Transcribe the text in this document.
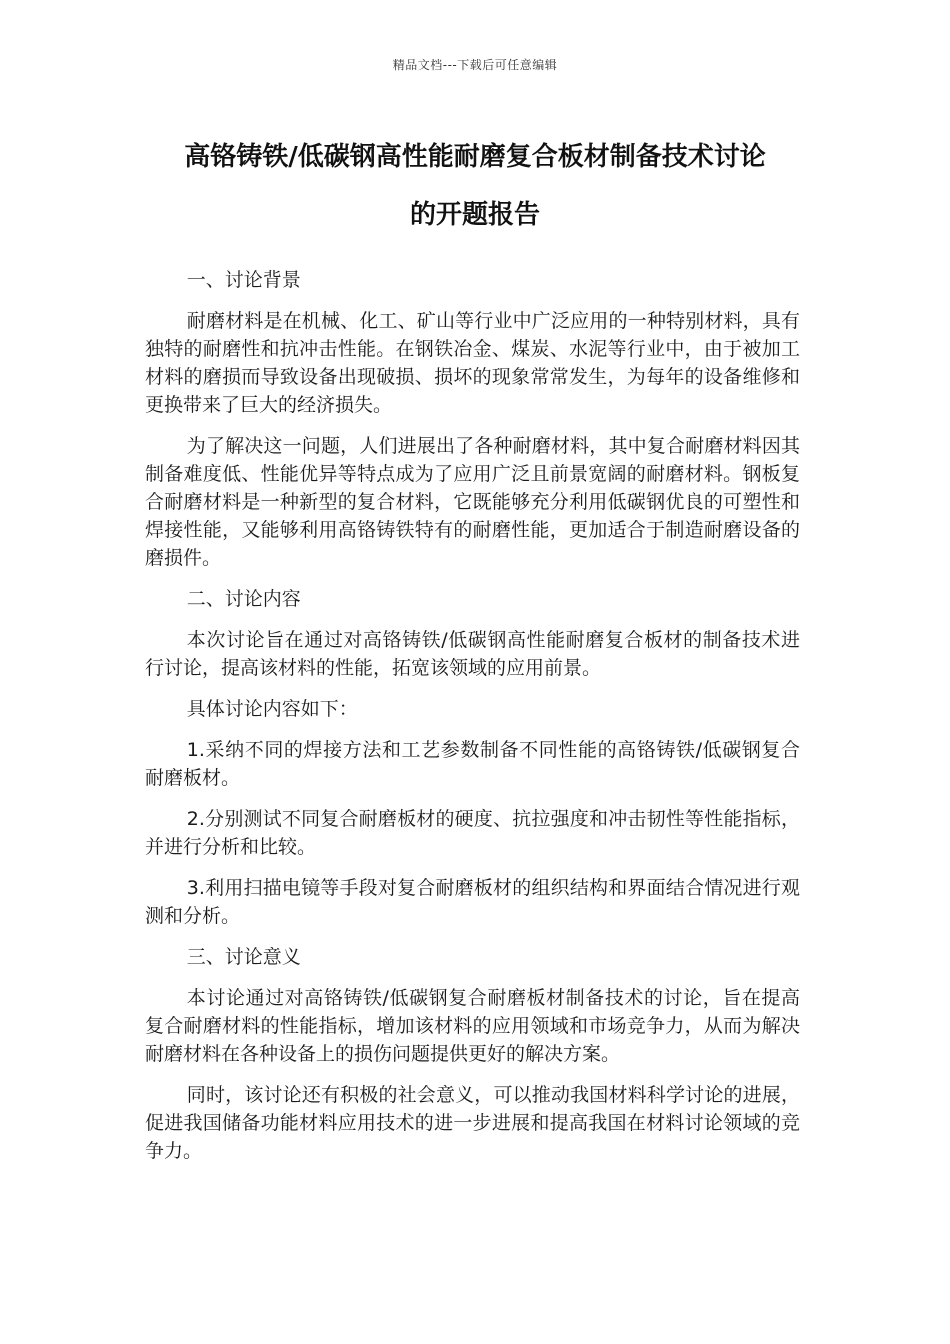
精品文档---下载后可任意编辑
高铬铸铁/低碳钢高性能耐磨复合板材制备技术讨论
的开题报告

一、讨论背景

耐磨材料是在机械、化工、矿山等行业中广泛应用的一种特别材料，具有独特的耐磨性和抗冲击性能。在钢铁冶金、煤炭、水泥等行业中，由于被加工材料的磨损而导致设备出现破损、损坏的现象常常发生，为每年的设备维修和更换带来了巨大的经济损失。

为了解决这一问题，人们进展出了各种耐磨材料，其中复合耐磨材料因其制备难度低、性能优异等特点成为了应用广泛且前景宽阔的耐磨材料。钢板复合耐磨材料是一种新型的复合材料，它既能够充分利用低碳钢优良的可塑性和焊接性能，又能够利用高铬铸铁特有的耐磨性能，更加适合于制造耐磨设备的磨损件。

二、讨论内容

本次讨论旨在通过对高铬铸铁/低碳钢高性能耐磨复合板材的制备技术进行讨论，提高该材料的性能，拓宽该领域的应用前景。

具体讨论内容如下：

1.采纳不同的焊接方法和工艺参数制备不同性能的高铬铸铁/低碳钢复合耐磨板材。

2.分别测试不同复合耐磨板材的硬度、抗拉强度和冲击韧性等性能指标，并进行分析和比较。

3.利用扫描电镜等手段对复合耐磨板材的组织结构和界面结合情况进行观测和分析。

三、讨论意义

本讨论通过对高铬铸铁/低碳钢复合耐磨板材制备技术的讨论，旨在提高复合耐磨材料的性能指标，增加该材料的应用领域和市场竞争力，从而为解决耐磨材料在各种设备上的损伤问题提供更好的解决方案。

同时，该讨论还有积极的社会意义，可以推动我国材料科学讨论的进展，促进我国储备功能材料应用技术的进一步进展和提高我国在材料讨论领域的竞争力。
